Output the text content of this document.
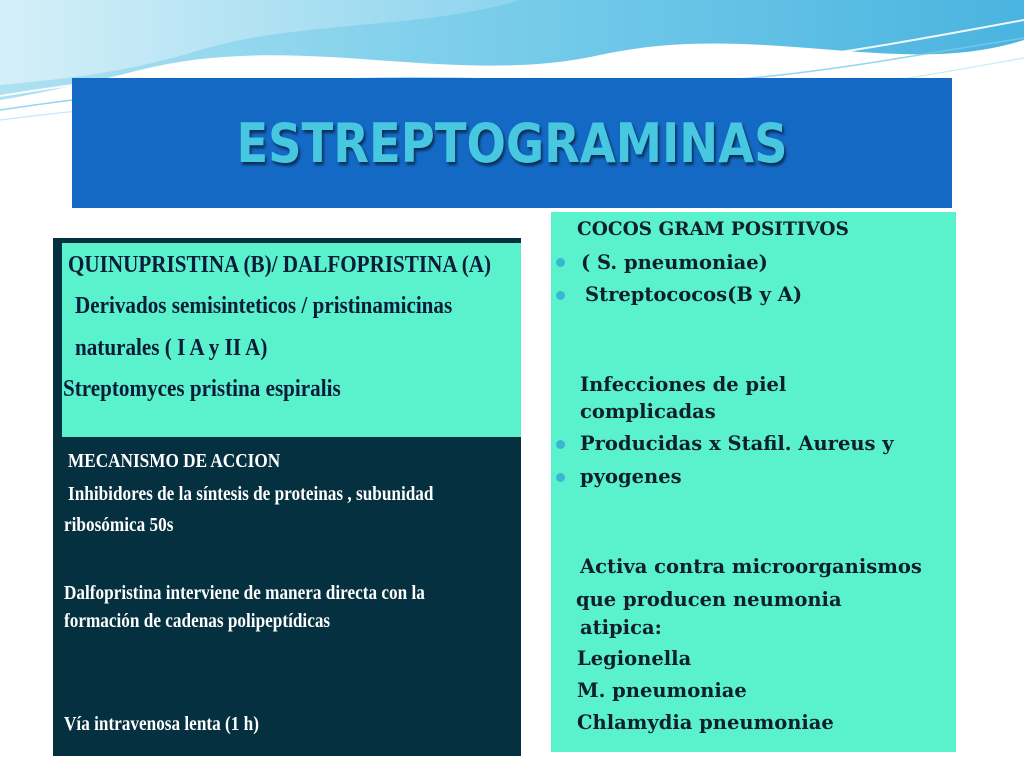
ESTREPTOGRAMINAS
QUINUPRISTINA (B)/ DALFOPRISTINA (A)
Derivados semisinteticos / pristinamicinas
naturales ( I A y II A)
Streptomyces pristina espiralis
MECANISMO DE ACCION
Inhibidores de la síntesis de proteinas , subunidad
ribosómica 50s
Dalfopristina interviene de manera directa con la
formación de cadenas polipeptídicas
Vía intravenosa lenta (1 h)
COCOS GRAM POSITIVOS
( S. pneumoniae)
Streptococos(B y A)
Infecciones de piel
complicadas
Producidas x Stafil. Aureus y
pyogenes
Activa contra microorganismos
que producen neumonia
atipica:
Legionella
M. pneumoniae
Chlamydia pneumoniae
